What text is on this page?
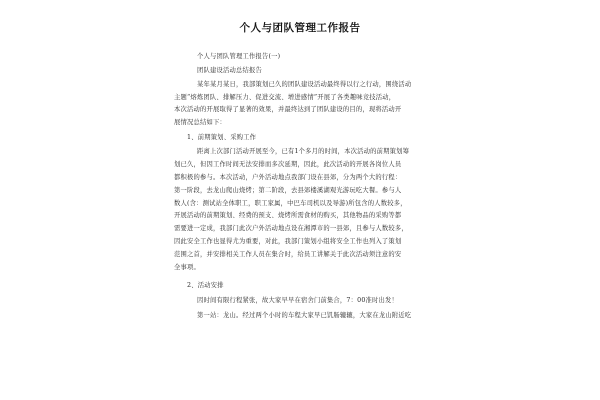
个人与团队管理工作报告
个人与团队管理工作报告(一)
团队建设活动总结报告
某年某月某日，我部策划已久的团队建设活动最终得以行之行动，围绕活动
主题“熔炼团队、排解压力、促进交流、增进感情”开展了各类趣味竞技活动，
本次活动的开展取得了显著的效果，并最终达到了团队建设的目的，现将活动开
展情况总结如下：
1、前期策划、采购工作
距离上次部门活动开展至今，已有1个多月的时间，本次活动的前期策划筹
划已久，但因工作时间无法安排而多次延期，因此，此次活动的开展各岗位人员
都积极的参与。本次活动，户外活动地点我部门设在县郊，分为两个大的行程：
第一阶段，去龙山爬山烧烤；第二阶段，去县郊楼溪湖观光游玩吃大餐。参与人
数人(含：测试站全体职工，职工家属，中巴车司机以及导游)所包含的人数较多，
开展活动的前期策划、经费的预支、烧烤所需食材的购买，其他物品的采购等都
需要进一定成，我部门此次户外活动地点设在湘潭市的一县郊，且参与人数较多，
因此安全工作也显得尤为重要，对此，我部门策划小组将安全工作也列入了策划
范围之首，并安排相关工作人员在集合时，给员工讲解关于此次活动须注意的安
全事项。
2、活动安排
因时间有限行程紧张，故大家早早在宿舍门前集合，7：00准时出发！
第一站：龙山。经过两个小时的车程大家早已饥肠辘辘，大家在龙山附近吃
